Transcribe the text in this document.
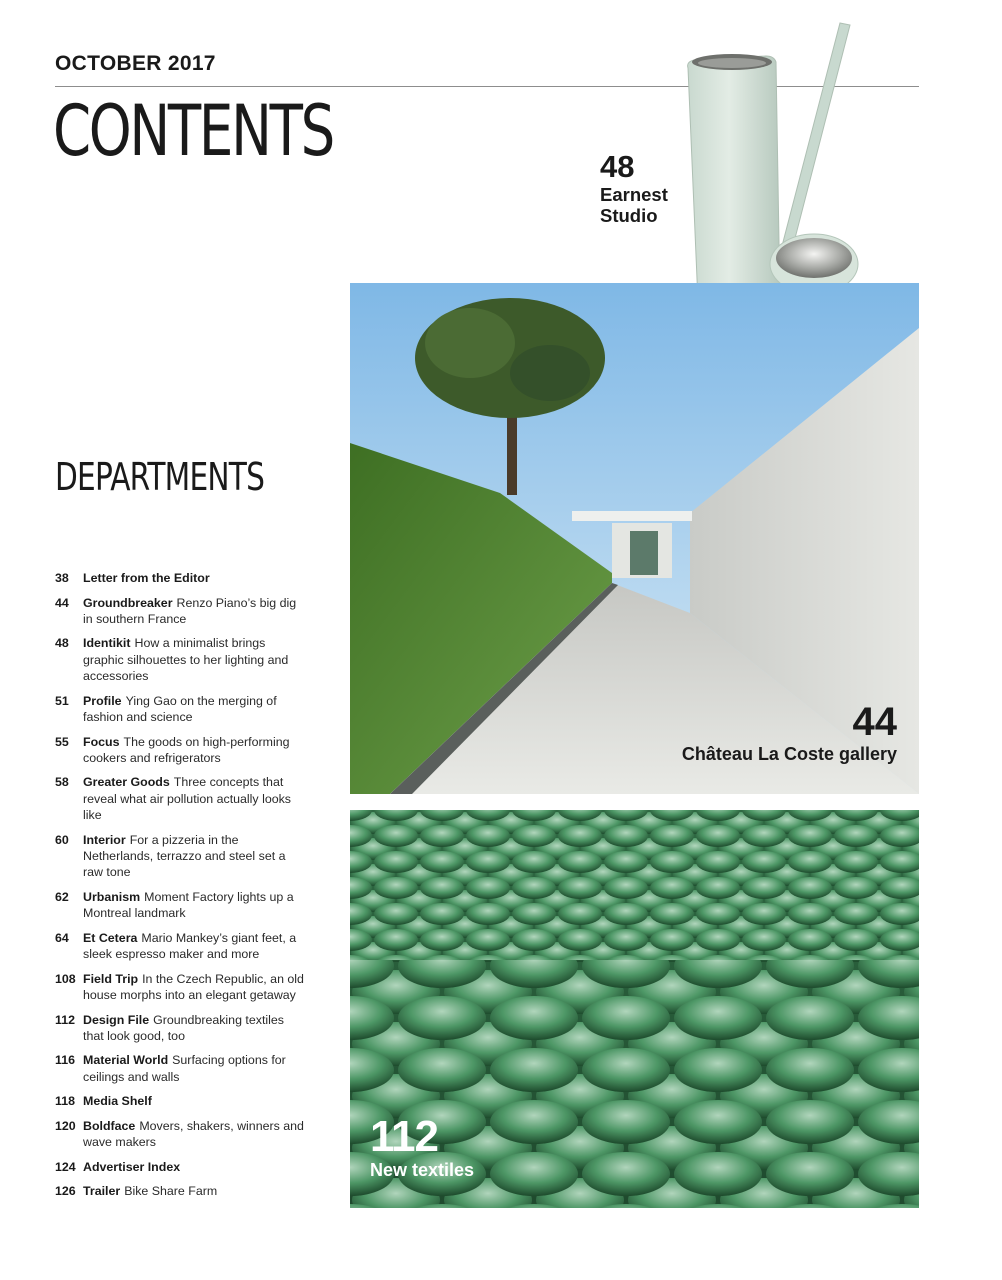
OCTOBER 2017
CONTENTS	48
Earnest Studio
44
Château La Coste gallery
112
New textiles
DEPARTMENTS
38 Letter from the Editor
44 Groundbreaker Renzo Piano’s big dig in southern France
48 Identikit How a minimalist brings graphic silhouettes to her lighting and accessories
51 Profile Ying Gao on the merging of fashion and science
55 Focus The goods on high-performing cookers and refrigerators
58 Greater Goods Three concepts that reveal what air pollution actually looks like
60 Interior For a pizzeria in the Netherlands, terrazzo and steel set a raw tone
62 Urbanism Moment Factory lights up a Montreal landmark
64 Et Cetera Mario Mankey’s giant feet, a sleek espresso maker and more
108 Field Trip In the Czech Republic, an old house morphs into an elegant getaway
112 Design File Groundbreaking textiles that look good, too
116 Material World Surfacing options for ceilings and walls
118 Media Shelf
120 Boldface Movers, shakers, winners and wave makers
124 Advertiser Index
126 Trailer Bike Share Farm
